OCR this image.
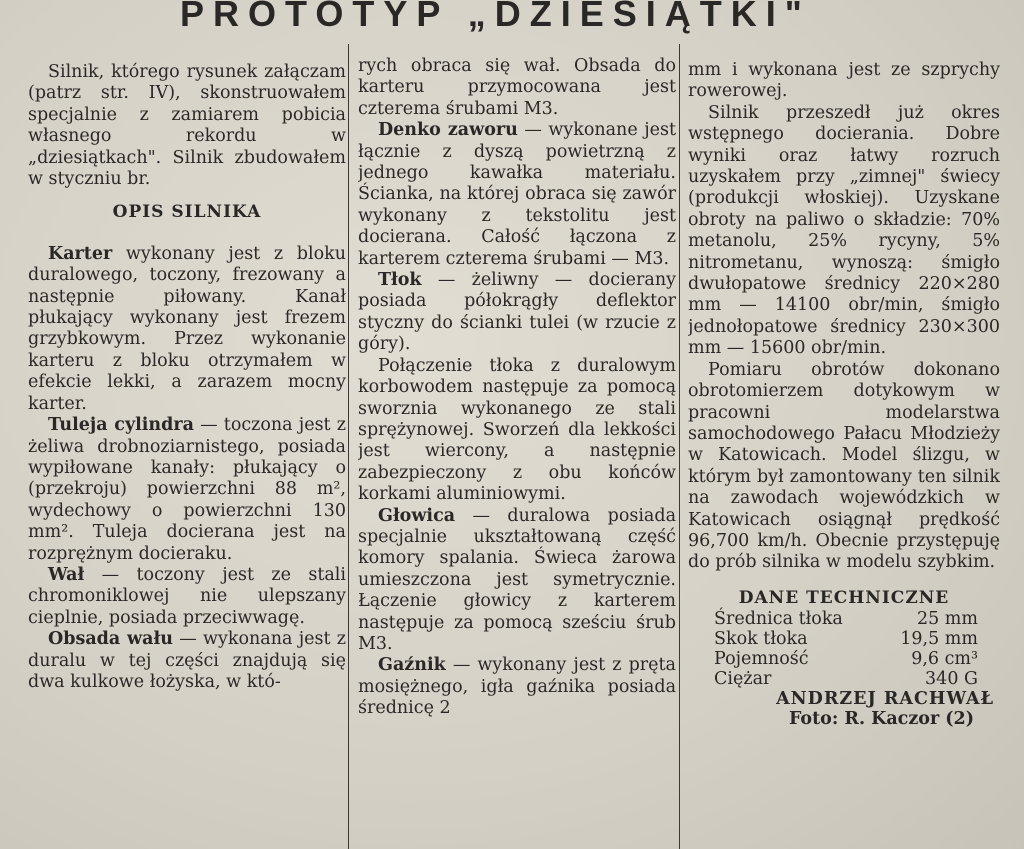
PROTOTYP „DZIESIĄTKI"

Silnik, którego rysunek załączam (patrz str. IV), skonstruowałem specjalnie z zamiarem pobicia własnego rekordu w „dziesiątkach". Silnik zbudowałem w styczniu br.

OPIS SILNIKA

Karter wykonany jest z bloku duralowego, toczony, frezowany a następnie piłowany. Kanał płukający wykonany jest frezem grzybkowym. Przez wykonanie karteru z bloku otrzymałem w efekcie lekki, a zarazem mocny karter.

Tuleja cylindra — toczona jest z żeliwa drobnoziarnistego, posiada wypiłowane kanały: płukający o (przekroju) powierzchni 88 m², wydechowy o powierzchni 130 mm². Tuleja docierana jest na rozprężnym docieraku.

Wał — toczony jest ze stali chromoniklowej nie ulepszany cieplnie, posiada przeciwwagę.

Obsada wału — wykonana jest z duralu w tej części znajdują się dwa kulkowe łożyska, w któ-

rych obraca się wał. Obsada do karteru przymocowana jest czterema śrubami M3.

Denko zaworu — wykonane jest łącznie z dyszą powietrzną z jednego kawałka materiału. Ścianka, na której obraca się zawór wykonany z tekstolitu jest docierana. Całość łączona z karterem czterema śrubami — M3.

Tłok — żeliwny — docierany posiada półokrągły deflektor styczny do ścianki tulei (w rzucie z góry).

Połączenie tłoka z duralowym korbowodem następuje za pomocą sworznia wykonanego ze stali sprężynowej. Sworzeń dla lekkości jest wiercony, a następnie zabezpieczony z obu końców korkami aluminiowymi.

Głowica — duralowa posiada specjalnie ukształtowaną część komory spalania. Świeca żarowa umieszczona jest symetrycznie. Łączenie głowicy z karterem następuje za pomocą sześciu śrub M3.

Gaźnik — wykonany jest z pręta mosiężnego, igła gaźnika posiada średnicę 2

mm i wykonana jest ze szprychy rowerowej.

Silnik przeszedł już okres wstępnego docierania. Dobre wyniki oraz łatwy rozruch uzyskałem przy „zimnej" świecy (produkcji włoskiej). Uzyskane obroty na paliwo o składzie: 70% metanolu, 25% rycyny, 5% nitrometanu, wynoszą: śmigło dwułopatowe średnicy 220×280 mm — 14100 obr/min, śmigło jednołopatowe średnicy 230×300 mm — 15600 obr/min.

Pomiaru obrotów dokonano obrotomierzem dotykowym w pracowni modelarstwa samochodowego Pałacu Młodzieży w Katowicach. Model ślizgu, w którym był zamontowany ten silnik na zawodach wojewódzkich w Katowicach osiągnął prędkość 96,700 km/h. Obecnie przystępuję do prób silnika w modelu szybkim.

DANE TECHNICZNE

Średnica tłoka	25 mm
Skok tłoka	19,5 mm
Pojemność	9,6 cm³
Ciężar	340 G

ANDRZEJ RACHWAŁ

Foto: R. Kaczor (2)
